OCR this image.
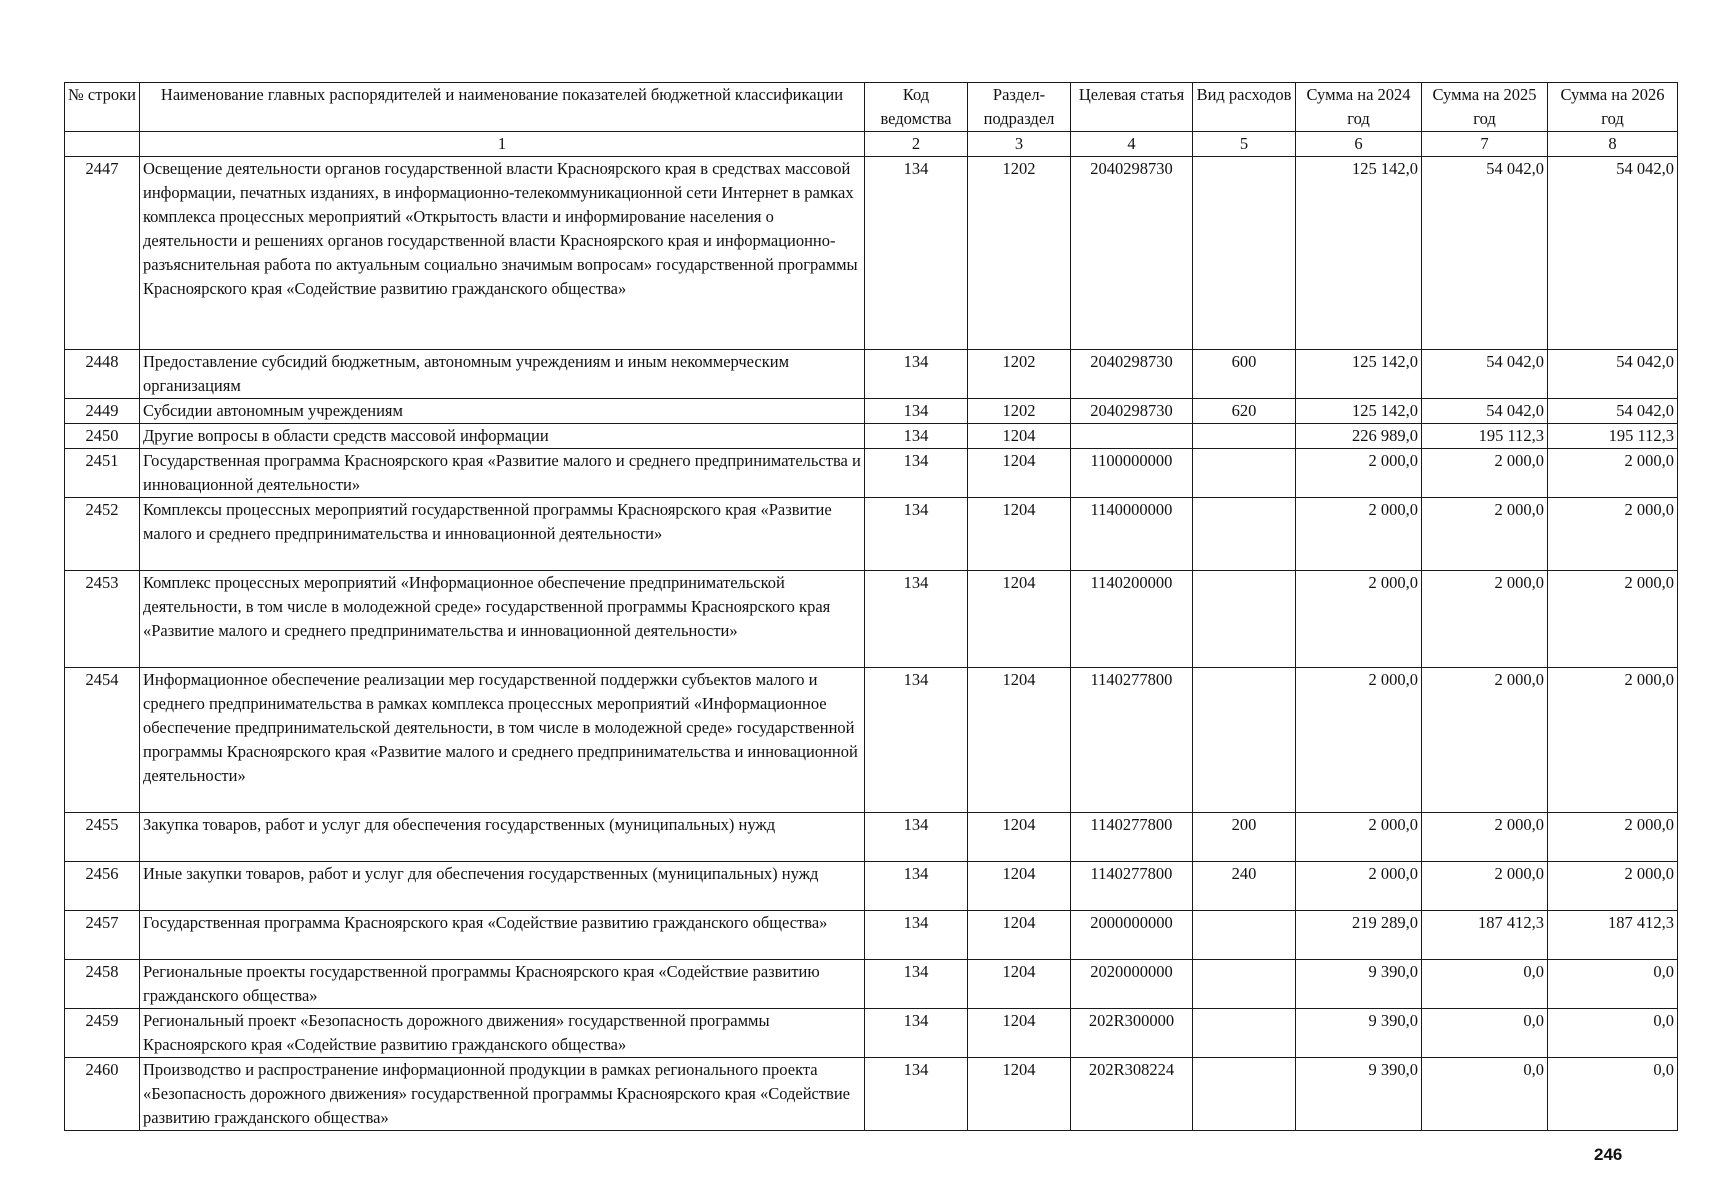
№ строки	Наименование главных распорядителей и наименование показателей бюджетной классификации	Код ведомства	Раздел-подраздел	Целевая статья	Вид расходов	Сумма на 2024 год	Сумма на 2025 год	Сумма на 2026 год
	1	2	3	4	5	6	7	8
2447	Освещение деятельности органов государственной власти Красноярского края в средствах массовой информации, печатных изданиях, в информационно-телекоммуникационной сети Интернет в рамках комплекса процессных мероприятий «Открытость власти и информирование населения о деятельности и решениях органов государственной власти Красноярского края и информационно-разъяснительная работа по актуальным социально значимым вопросам» государственной программы Красноярского края «Содействие развитию гражданского общества»	134	1202	2040298730		125 142,0	54 042,0	54 042,0
2448	Предоставление субсидий бюджетным, автономным учреждениям и иным некоммерческим организациям	134	1202	2040298730	600	125 142,0	54 042,0	54 042,0
2449	Субсидии автономным учреждениям	134	1202	2040298730	620	125 142,0	54 042,0	54 042,0
2450	Другие вопросы в области средств массовой информации	134	1204			226 989,0	195 112,3	195 112,3
2451	Государственная программа Красноярского края «Развитие малого и среднего предпринимательства и инновационной деятельности»	134	1204	1100000000		2 000,0	2 000,0	2 000,0
2452	Комплексы процессных мероприятий государственной программы Красноярского края «Развитие малого и среднего предпринимательства и инновационной деятельности»	134	1204	1140000000		2 000,0	2 000,0	2 000,0
2453	Комплекс процессных мероприятий «Информационное обеспечение предпринимательской деятельности, в том числе в молодежной среде» государственной программы Красноярского края «Развитие малого и среднего предпринимательства и инновационной деятельности»	134	1204	1140200000		2 000,0	2 000,0	2 000,0
2454	Информационное обеспечение реализации мер государственной поддержки субъектов малого и среднего предпринимательства в рамках комплекса процессных мероприятий «Информационное обеспечение предпринимательской деятельности, в том числе в молодежной среде» государственной программы Красноярского края «Развитие малого и среднего предпринимательства и инновационной деятельности»	134	1204	1140277800		2 000,0	2 000,0	2 000,0
2455	Закупка товаров, работ и услуг для обеспечения государственных (муниципальных) нужд	134	1204	1140277800	200	2 000,0	2 000,0	2 000,0
2456	Иные закупки товаров, работ и услуг для обеспечения государственных (муниципальных) нужд	134	1204	1140277800	240	2 000,0	2 000,0	2 000,0
2457	Государственная программа Красноярского края «Содействие развитию гражданского общества»	134	1204	2000000000		219 289,0	187 412,3	187 412,3
2458	Региональные проекты государственной программы Красноярского края «Содействие развитию гражданского общества»	134	1204	2020000000		9 390,0	0,0	0,0
2459	Региональный проект «Безопасность дорожного движения» государственной программы Красноярского края «Содействие развитию гражданского общества»	134	1204	202R300000		9 390,0	0,0	0,0
2460	Производство и распространение информационной продукции в рамках регионального проекта «Безопасность дорожного движения» государственной программы Красноярского края «Содействие развитию гражданского общества»	134	1204	202R308224		9 390,0	0,0	0,0
246
